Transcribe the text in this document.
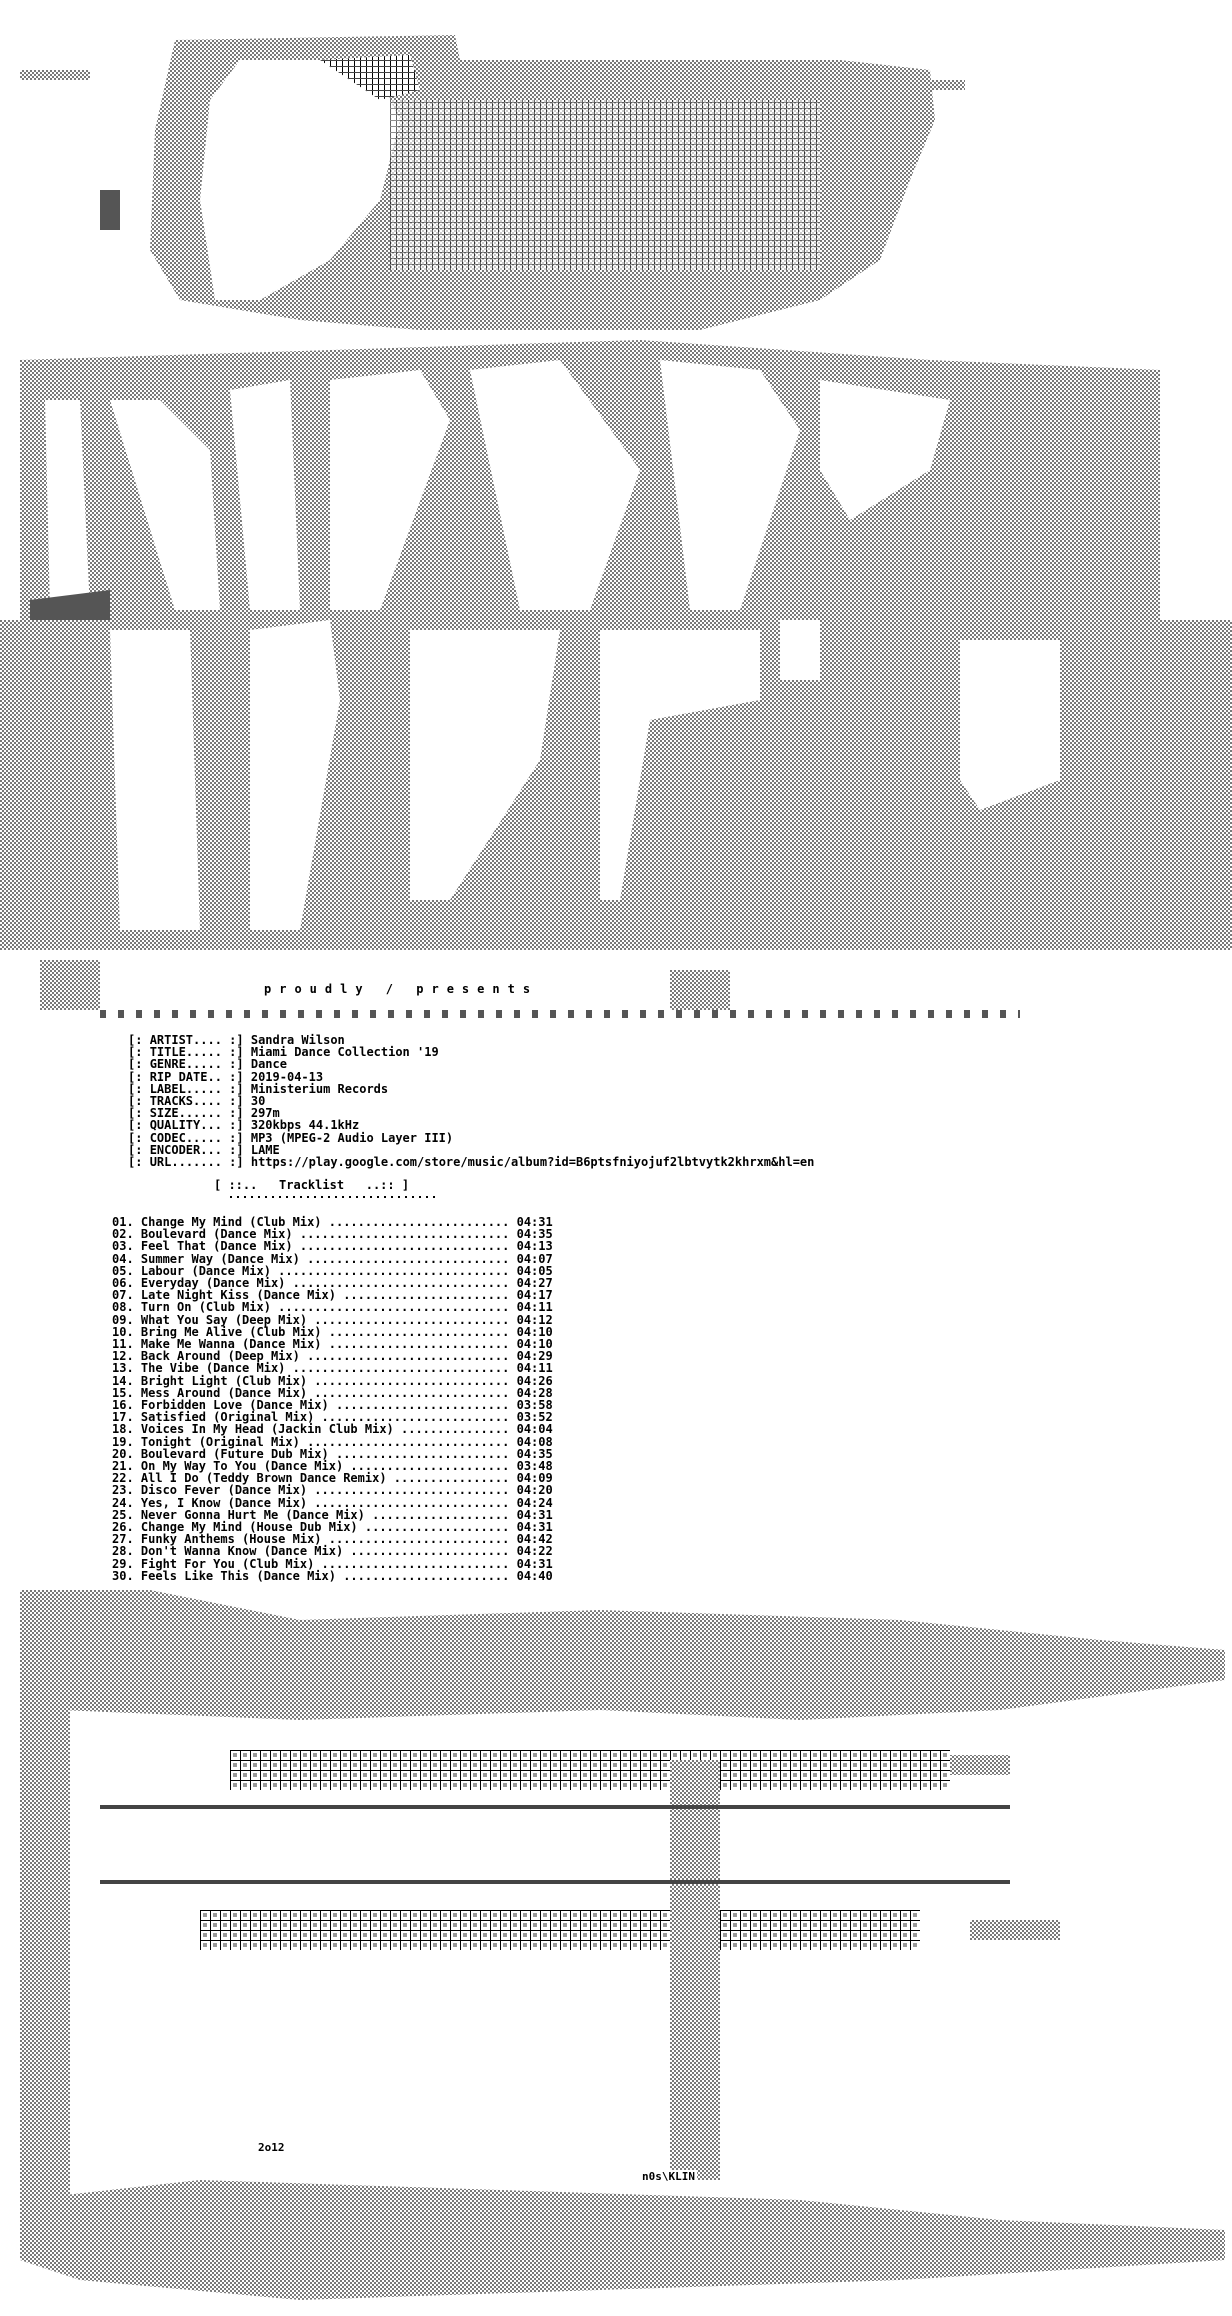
proudly / presents
[: ARTIST.... :] Sandra Wilson
[: TITLE..... :] Miami Dance Collection '19
[: GENRE..... :] Dance
[: RIP DATE.. :] 2019-04-13
[: LABEL..... :] Ministerium Records
[: TRACKS.... :] 30
[: SIZE...... :] 297m
[: QUALITY... :] 320kbps 44.1kHz
[: CODEC..... :] MP3 (MPEG-2 Audio Layer III)
[: ENCODER... :] LAME
[: URL....... :] https://play.google.com/store/music/album?id=B6ptsfniyojuf2lbtvytk2khrxm&hl=en
[ ::..   Tracklist   ..:: ]
01. Change My Mind (Club Mix) ......................... 04:31
02. Boulevard (Dance Mix) ............................. 04:35
03. Feel That (Dance Mix) ............................. 04:13
04. Summer Way (Dance Mix) ............................ 04:07
05. Labour (Dance Mix) ................................ 04:05
06. Everyday (Dance Mix) .............................. 04:27
07. Late Night Kiss (Dance Mix) ....................... 04:17
08. Turn On (Club Mix) ................................ 04:11
09. What You Say (Deep Mix) ........................... 04:12
10. Bring Me Alive (Club Mix) ......................... 04:10
11. Make Me Wanna (Dance Mix) ......................... 04:10
12. Back Around (Deep Mix) ............................ 04:29
13. The Vibe (Dance Mix) .............................. 04:11
14. Bright Light (Club Mix) ........................... 04:26
15. Mess Around (Dance Mix) ........................... 04:28
16. Forbidden Love (Dance Mix) ........................ 03:58
17. Satisfied (Original Mix) .......................... 03:52
18. Voices In My Head (Jackin Club Mix) ............... 04:04
19. Tonight (Original Mix) ............................ 04:08
20. Boulevard (Future Dub Mix) ........................ 04:35
21. On My Way To You (Dance Mix) ...................... 03:48
22. All I Do (Teddy Brown Dance Remix) ................ 04:09
23. Disco Fever (Dance Mix) ........................... 04:20
24. Yes, I Know (Dance Mix) ........................... 04:24
25. Never Gonna Hurt Me (Dance Mix) ................... 04:31
26. Change My Mind (House Dub Mix) .................... 04:31
27. Funky Anthems (House Mix) ......................... 04:42
28. Don't Wanna Know (Dance Mix) ...................... 04:22
29. Fight For You (Club Mix) .......................... 04:31
30. Feels Like This (Dance Mix) ....................... 04:40
2o12
n0s\KLIN
